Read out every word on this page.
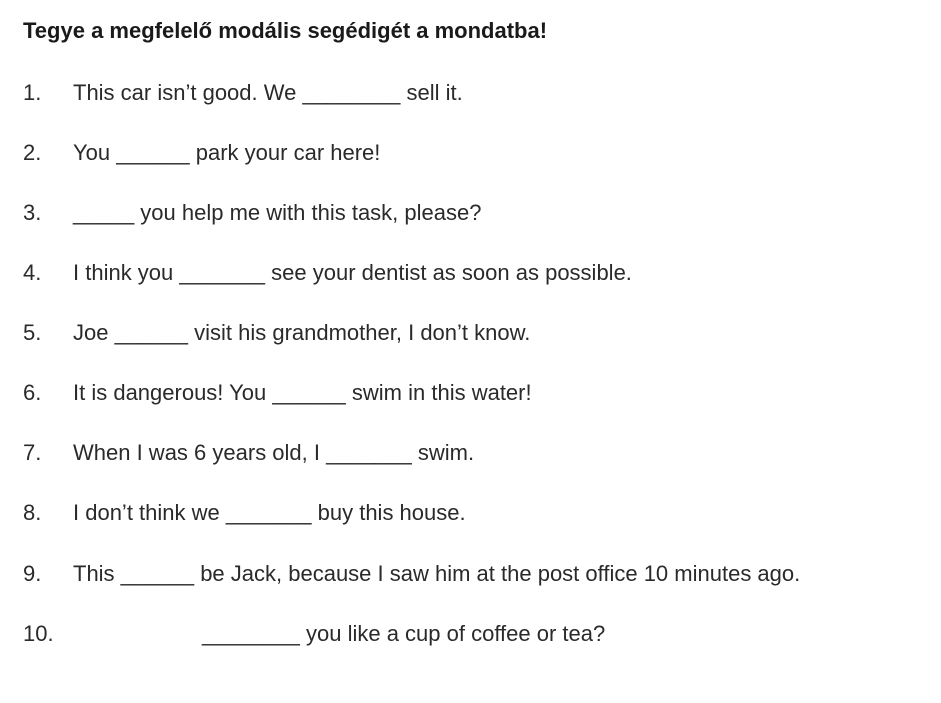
Tegye a megfelelő modális segédigét a mondatba!
1.	This car isn’t good. We ________ sell it.
2.	You ______ park your car here!
3.	_____ you help me with this task, please?
4.	I think you _______ see your dentist as soon as possible.
5.	Joe ______ visit his grandmother, I don’t know.
6.	It is dangerous! You ______ swim in this water!
7.	When I was 6 years old, I _______ swim.
8.	I don’t think we _______ buy this house.
9.	This ______ be Jack, because I saw him at the post office 10 minutes ago.
10.	________ you like a cup of coffee or tea?
